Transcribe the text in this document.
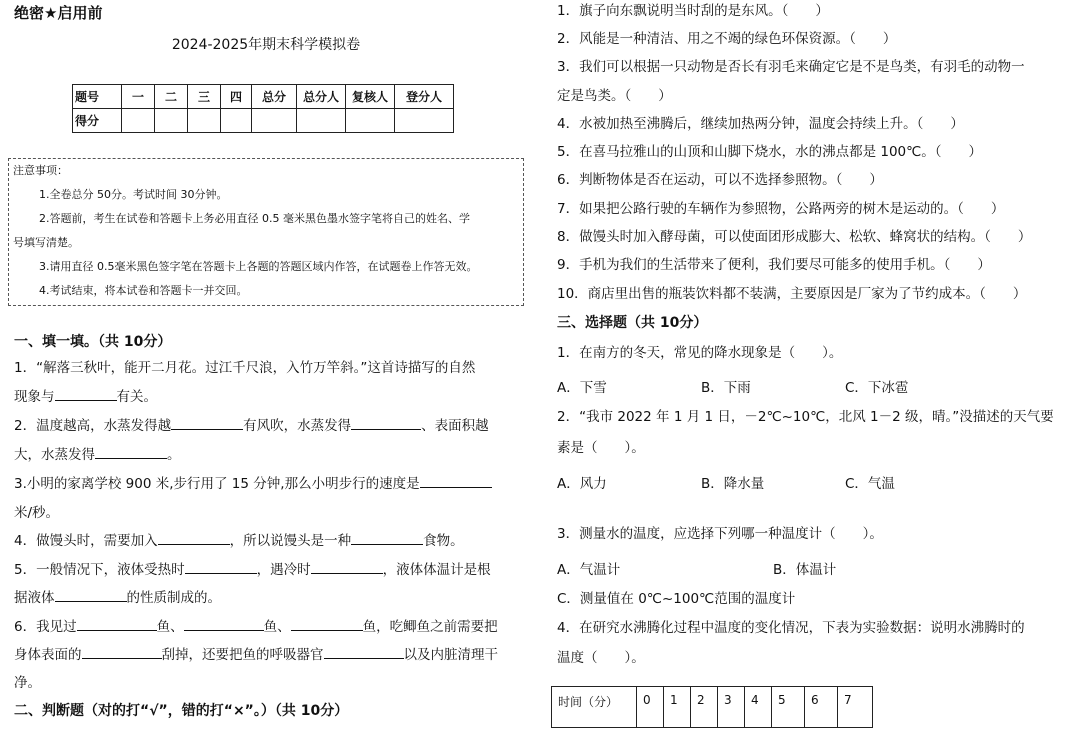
绝密★启用前
2024-2025年期末科学模拟卷
题号	一	二	三	四	总分	总分人	复核人	登分人
得分								
注意事项：
1.全卷总分 50分。考试时间 30分钟。
2.答题前，考生在试卷和答题卡上务必用直径 0.5 毫米黑色墨水签字笔将自己的姓名、学
号填写清楚。
3.请用直径 0.5毫米黑色签字笔在答题卡上各题的答题区域内作答，在试题卷上作答无效。
4.考试结束，将本试卷和答题卡一并交回。
一、填一填。（共 10分）
1．“解落三秋叶，能开二月花。过江千尺浪，入竹万竿斜。”这首诗描写的自然
现象与	有关。
2．温度越高，水蒸发得越	有风吹，水蒸发得	、表面积越
大，水蒸发得	。
3.小明的家离学校 900 米,步行用了 15 分钟,那么小明步行的速度是
米/秒。
4．做馒头时，需要加入	，所以说馒头是一种	食物。
5．一般情况下，液体受热时	，遇冷时	，液体体温计是根
据液体	的性质制成的。
6．我见过	鱼、	鱼、	鱼，吃鲫鱼之前需要把
身体表面的	刮掉，还要把鱼的呼吸器官	以及内脏清理干
净。
二、判断题（对的打“√”，错的打“×”。）（共 10分）
1．旗子向东飘说明当时刮的是东风。（　　）
2．风能是一种清洁、用之不竭的绿色环保资源。（　　）
3．我们可以根据一只动物是否长有羽毛来确定它是不是鸟类，有羽毛的动物一
定是鸟类。（　　）
4．水被加热至沸腾后，继续加热两分钟，温度会持续上升。（　　）
5．在喜马拉雅山的山顶和山脚下烧水，水的沸点都是 100℃。（　　）
6．判断物体是否在运动，可以不选择参照物。（　　）
7．如果把公路行驶的车辆作为参照物，公路两旁的树木是运动的。（　　）
8．做馒头时加入酵母菌，可以使面团形成膨大、松软、蜂窝状的结构。（　　）
9．手机为我们的生活带来了便利，我们要尽可能多的使用手机。（　　）
10．商店里出售的瓶装饮料都不装满，主要原因是厂家为了节约成本。（　　）
三、选择题（共 10分）
1．在南方的冬天，常见的降水现象是（　　）。
A．下雪	B．下雨	C．下冰雹
2．“我市 2022 年 1 月 1 日，－2℃~10℃，北风 1－2 级，晴。”没描述的天气要
素是（　　）。
A．风力	B．降水量	C．气温
3．测量水的温度，应选择下列哪一种温度计（　　）。
A．气温计	B．体温计
C．测量值在 0℃~100℃范围的温度计
4．在研究水沸腾化过程中温度的变化情况，下表为实验数据：说明水沸腾时的
温度（　　）。
时间（分）	0	1	2	3	4	5	6	7
